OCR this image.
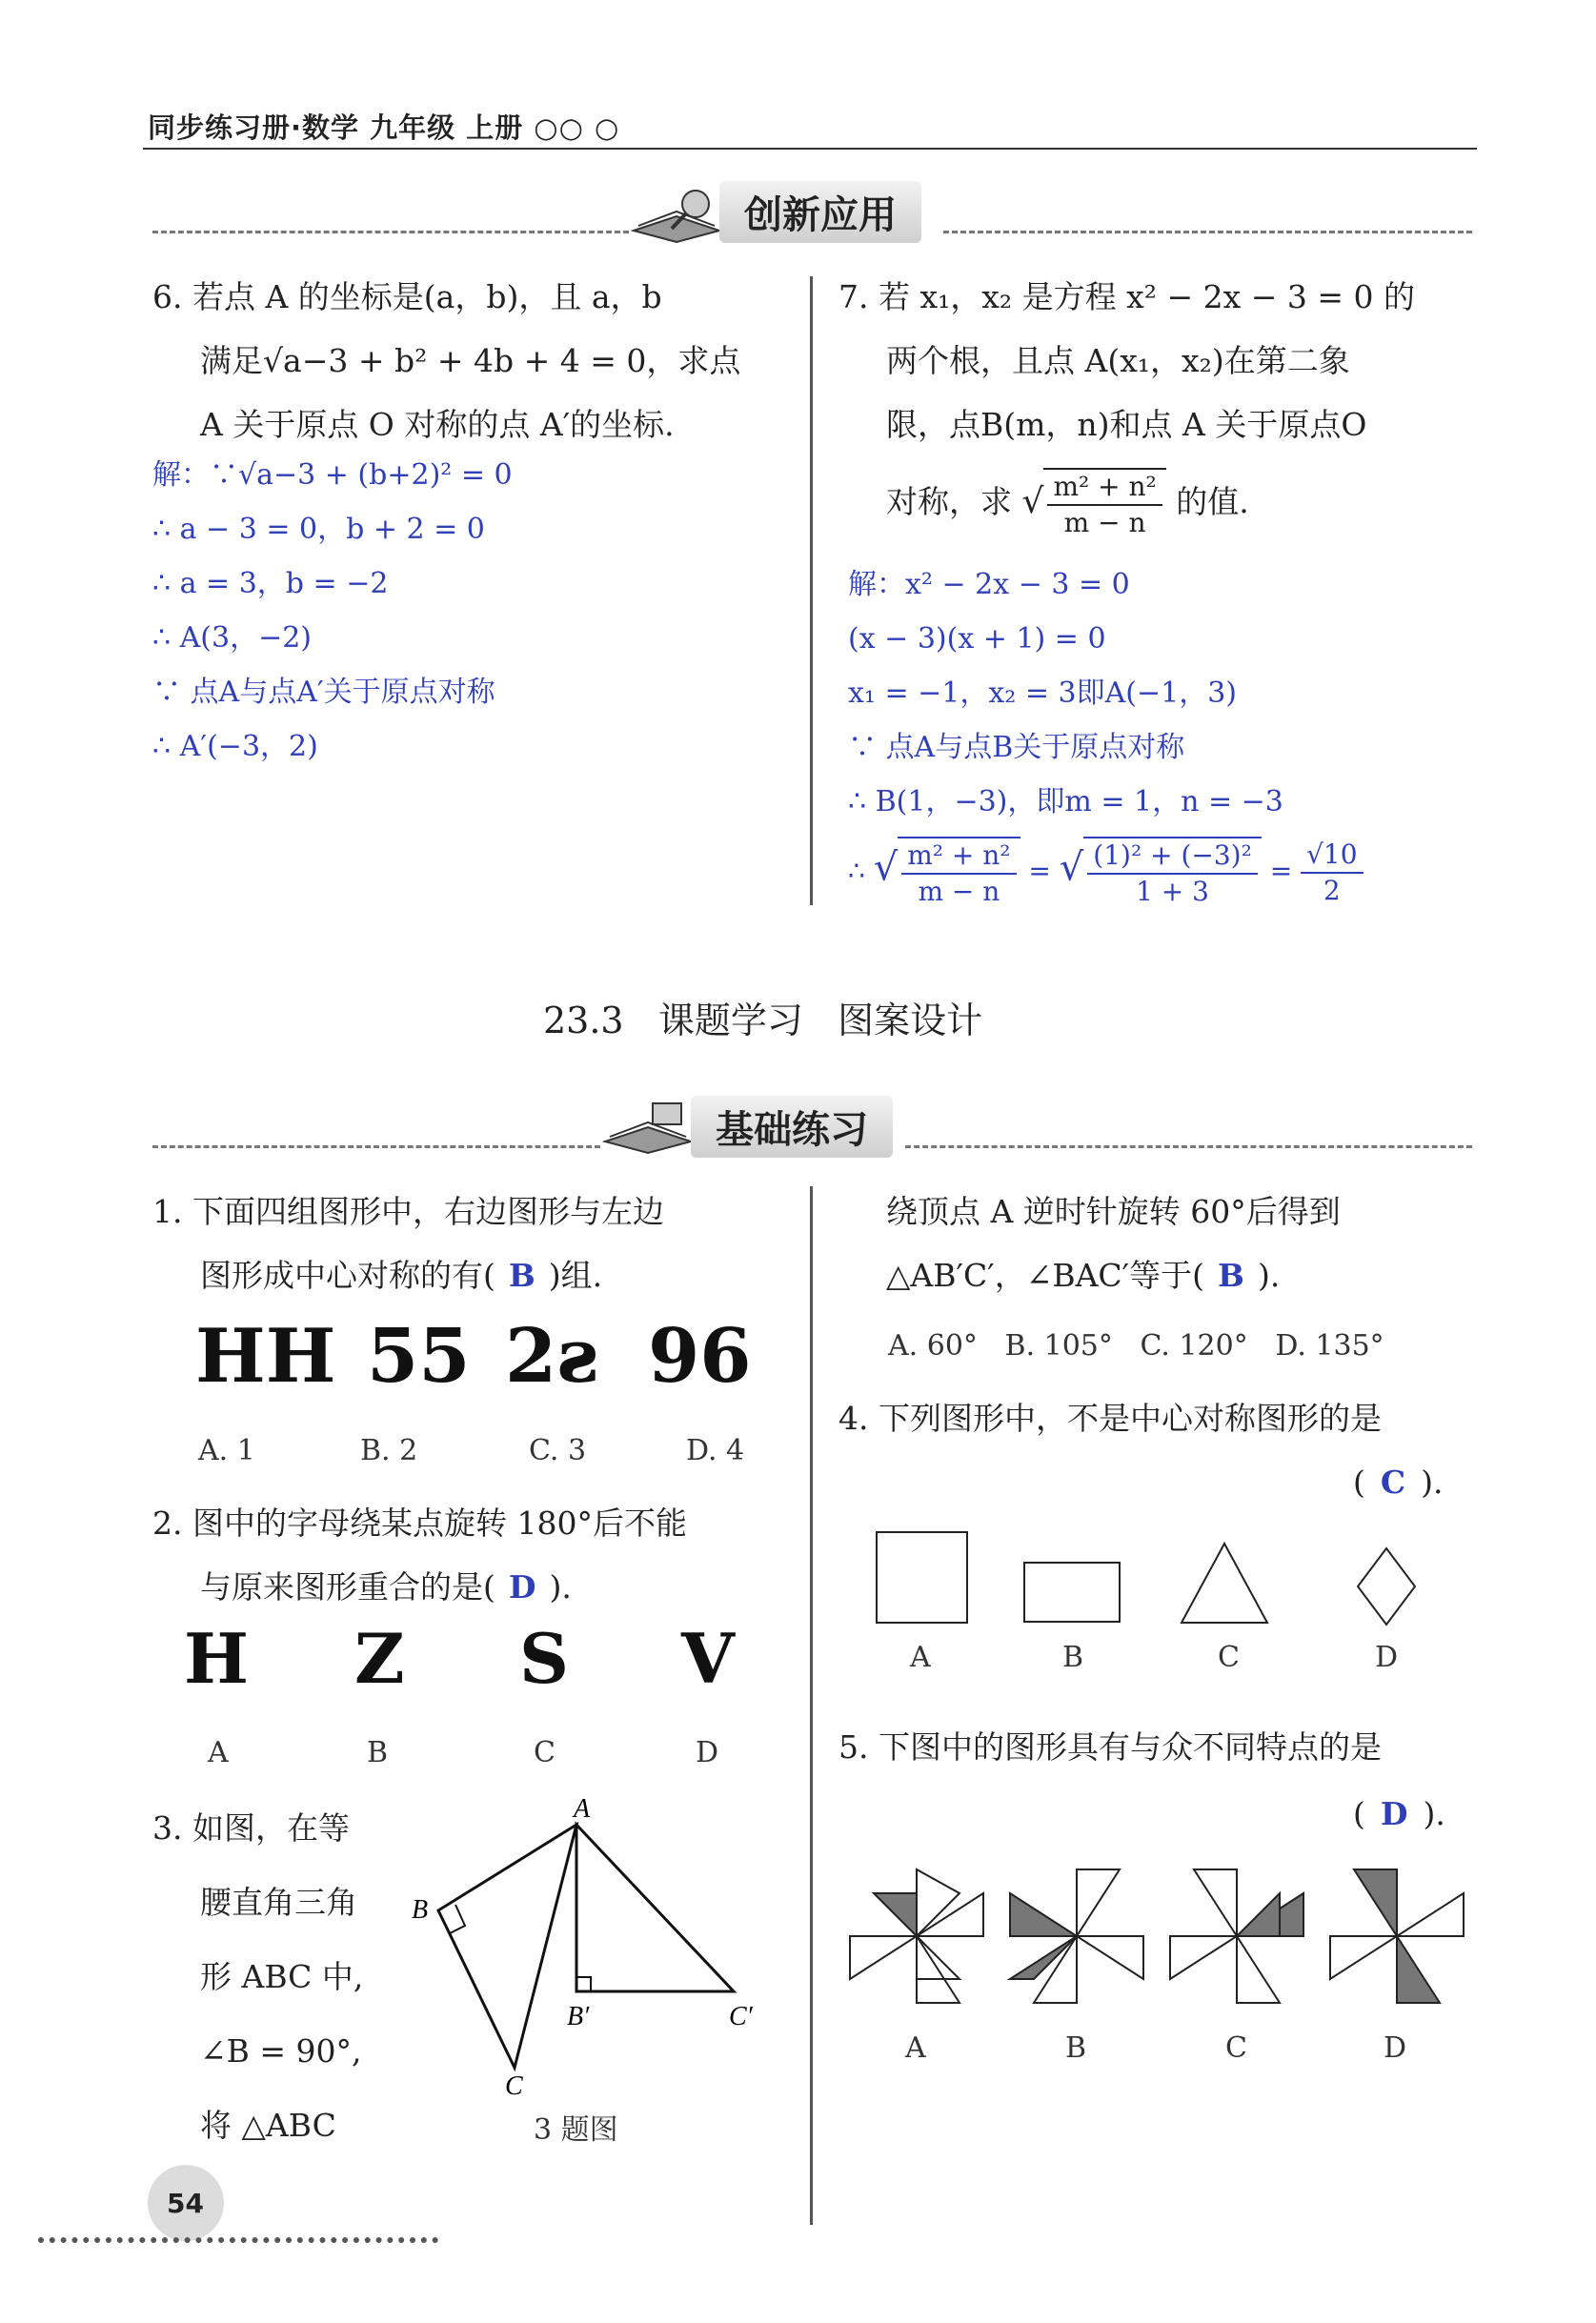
同步练习册·数学 九年级 上册 ○○ ○
创新应用
6. 若点 A 的坐标是(a，b)，且 a，b
满足√a−3 + b² + 4b + 4 = 0，求点
A 关于原点 O 对称的点 A′的坐标.
解：∵√a−3 + (b+2)² = 0
∴ a − 3 = 0，b + 2 = 0
∴ a = 3，b = −2
∴ A(3，−2)
∵ 点A与点A′关于原点对称
∴ A′(−3，2)
7. 若 x₁，x₂ 是方程 x² − 2x − 3 = 0 的
两个根，且点 A(x₁，x₂)在第二象
限，点B(m，n)和点 A 关于原点O
对称，求 √ $\frac{\text{m² + n²}}{m - n}$ 的值.
解：x² − 2x − 3 = 0
(x − 3)(x + 1) = 0
x₁ = −1，x₂ = 3即A(−1，3)
∵ 点A与点B关于原点对称
∴ B(1，−3)，即m = 1，n = −3
∴ √ $\frac{\text{m² + n²}}{m - n}$ = √ $\frac{\text{(1)² + (−3)²}}{1 + 3} = \frac{√10}{2}$
23.3   课题学习   图案设计
基础练习
1. 下面四组图形中，右边图形与左边
图形成中心对称的有( B )组.
HH 55 2ƨ 96
A. 1	B. 2	C. 3	D. 4
2. 图中的字母绕某点旋转 180°后不能
与原来图形重合的是( D ).
H Z S V
A	B	C	D
3. 如图，在等
腰直角三角
形 ABC 中,
∠B = 90°,
将 △ABC
A
B
C
B′	C′
3 题图
绕顶点 A 逆时针旋转 60°后得到
△AB′C′，∠BAC′等于( B ).
A. 60°   B. 105°   C. 120°   D. 135°
4. 下列图形中，不是中心对称图形的是
( C ).
A	B	C	D
5. 下图中的图形具有与众不同特点的是
( D ).
A	B	C	D
54
